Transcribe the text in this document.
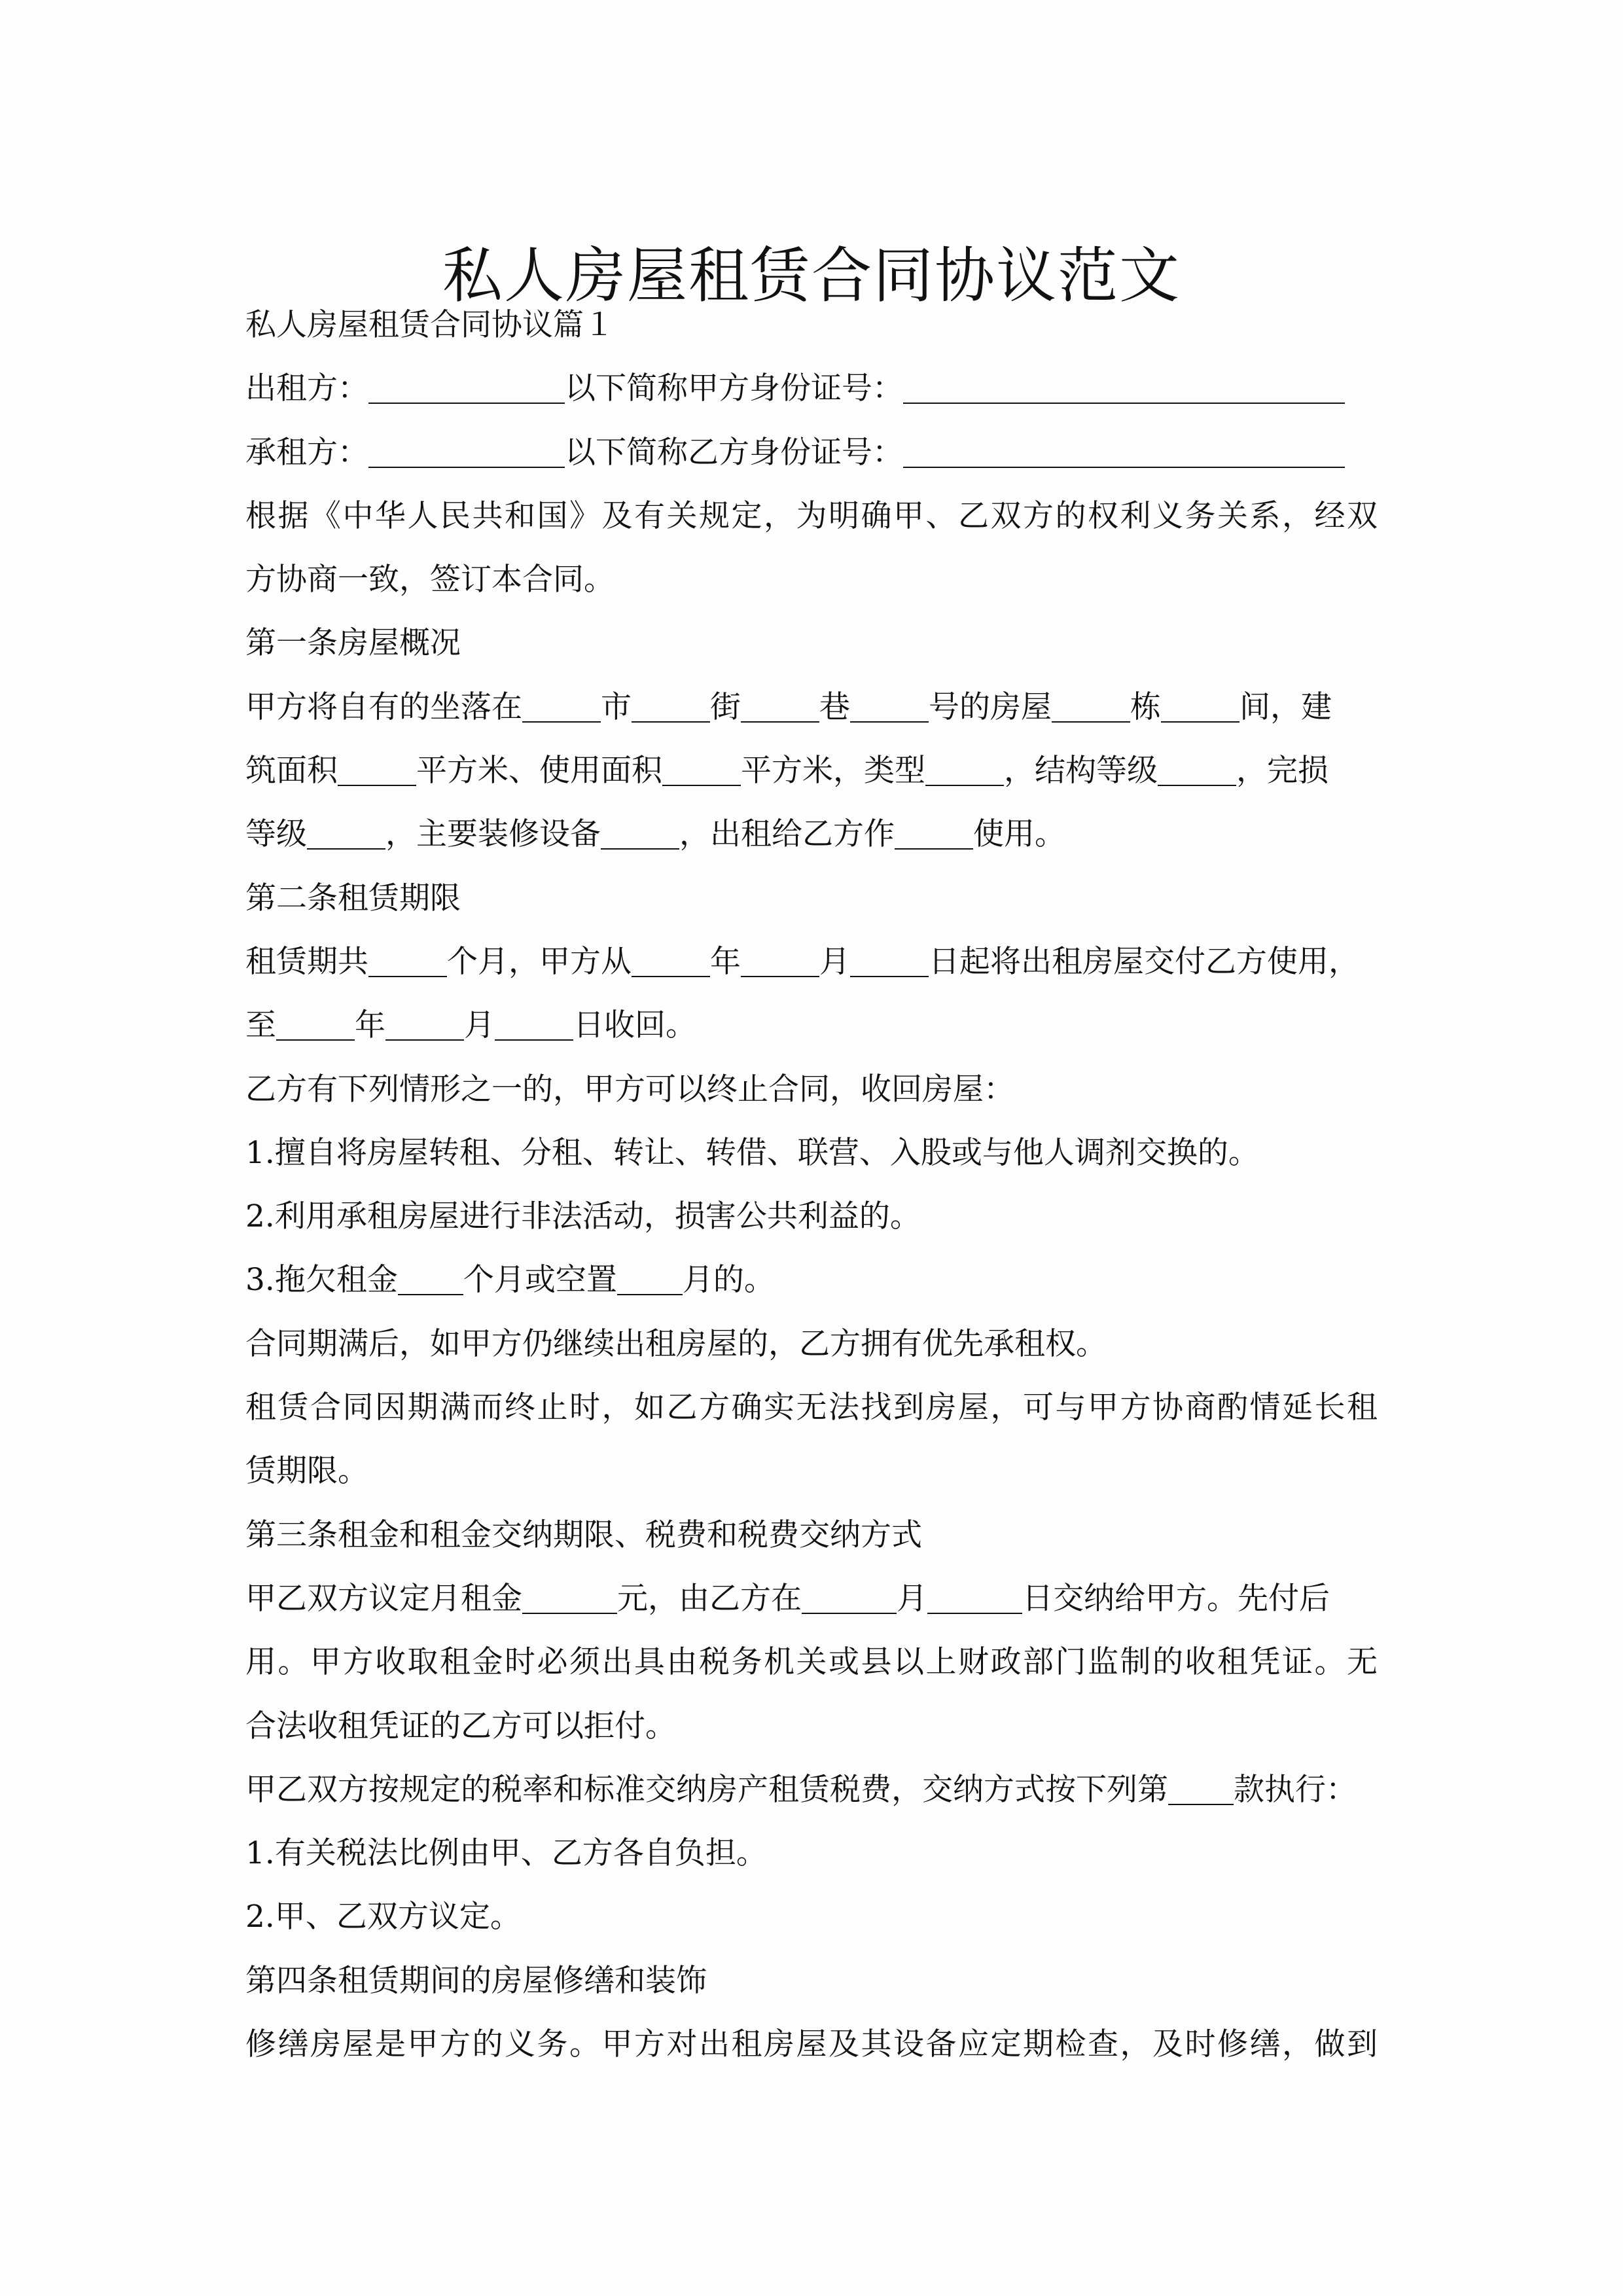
私人房屋租赁合同协议范文
私人房屋租赁合同协议篇１
出租方：	以下简称甲方身份证号：
承租方：	以下简称乙方身份证号：
根据《中华人民共和国》及有关规定，为明确甲、乙双方的权利义务关系，经双
方协商一致，签订本合同。
第一条房屋概况
甲方将自有的坐落在	市	街	巷	号的房屋	栋	间，建
筑面积	平方米、使用面积	平方米，类型	，结构等级	，完损
等级	，主要装修设备	，出租给乙方作	使用。
第二条租赁期限
租赁期共	个月，甲方从	年	月	日起将出租房屋交付乙方使用，
至	年	月	日收回。
乙方有下列情形之一的，甲方可以终止合同，收回房屋：
1.擅自将房屋转租、分租、转让、转借、联营、入股或与他人调剂交换的。
2.利用承租房屋进行非法活动，损害公共利益的。
3.拖欠租金 个月或空置 月的。
合同期满后，如甲方仍继续出租房屋的，乙方拥有优先承租权。
租赁合同因期满而终止时，如乙方确实无法找到房屋，可与甲方协商酌情延长租
赁期限。
第三条租金和租金交纳期限、税费和税费交纳方式
甲乙双方议定月租金	元，由乙方在	月	日交纳给甲方。先付后
用。甲方收取租金时必须出具由税务机关或县以上财政部门监制的收租凭证。无
合法收租凭证的乙方可以拒付。
甲乙双方按规定的税率和标准交纳房产租赁税费，交纳方式按下列第 款执行：
1.有关税法比例由甲、乙方各自负担。
2.甲、乙双方议定。
第四条租赁期间的房屋修缮和装饰
修缮房屋是甲方的义务。甲方对出租房屋及其设备应定期检查，及时修缮，做到
